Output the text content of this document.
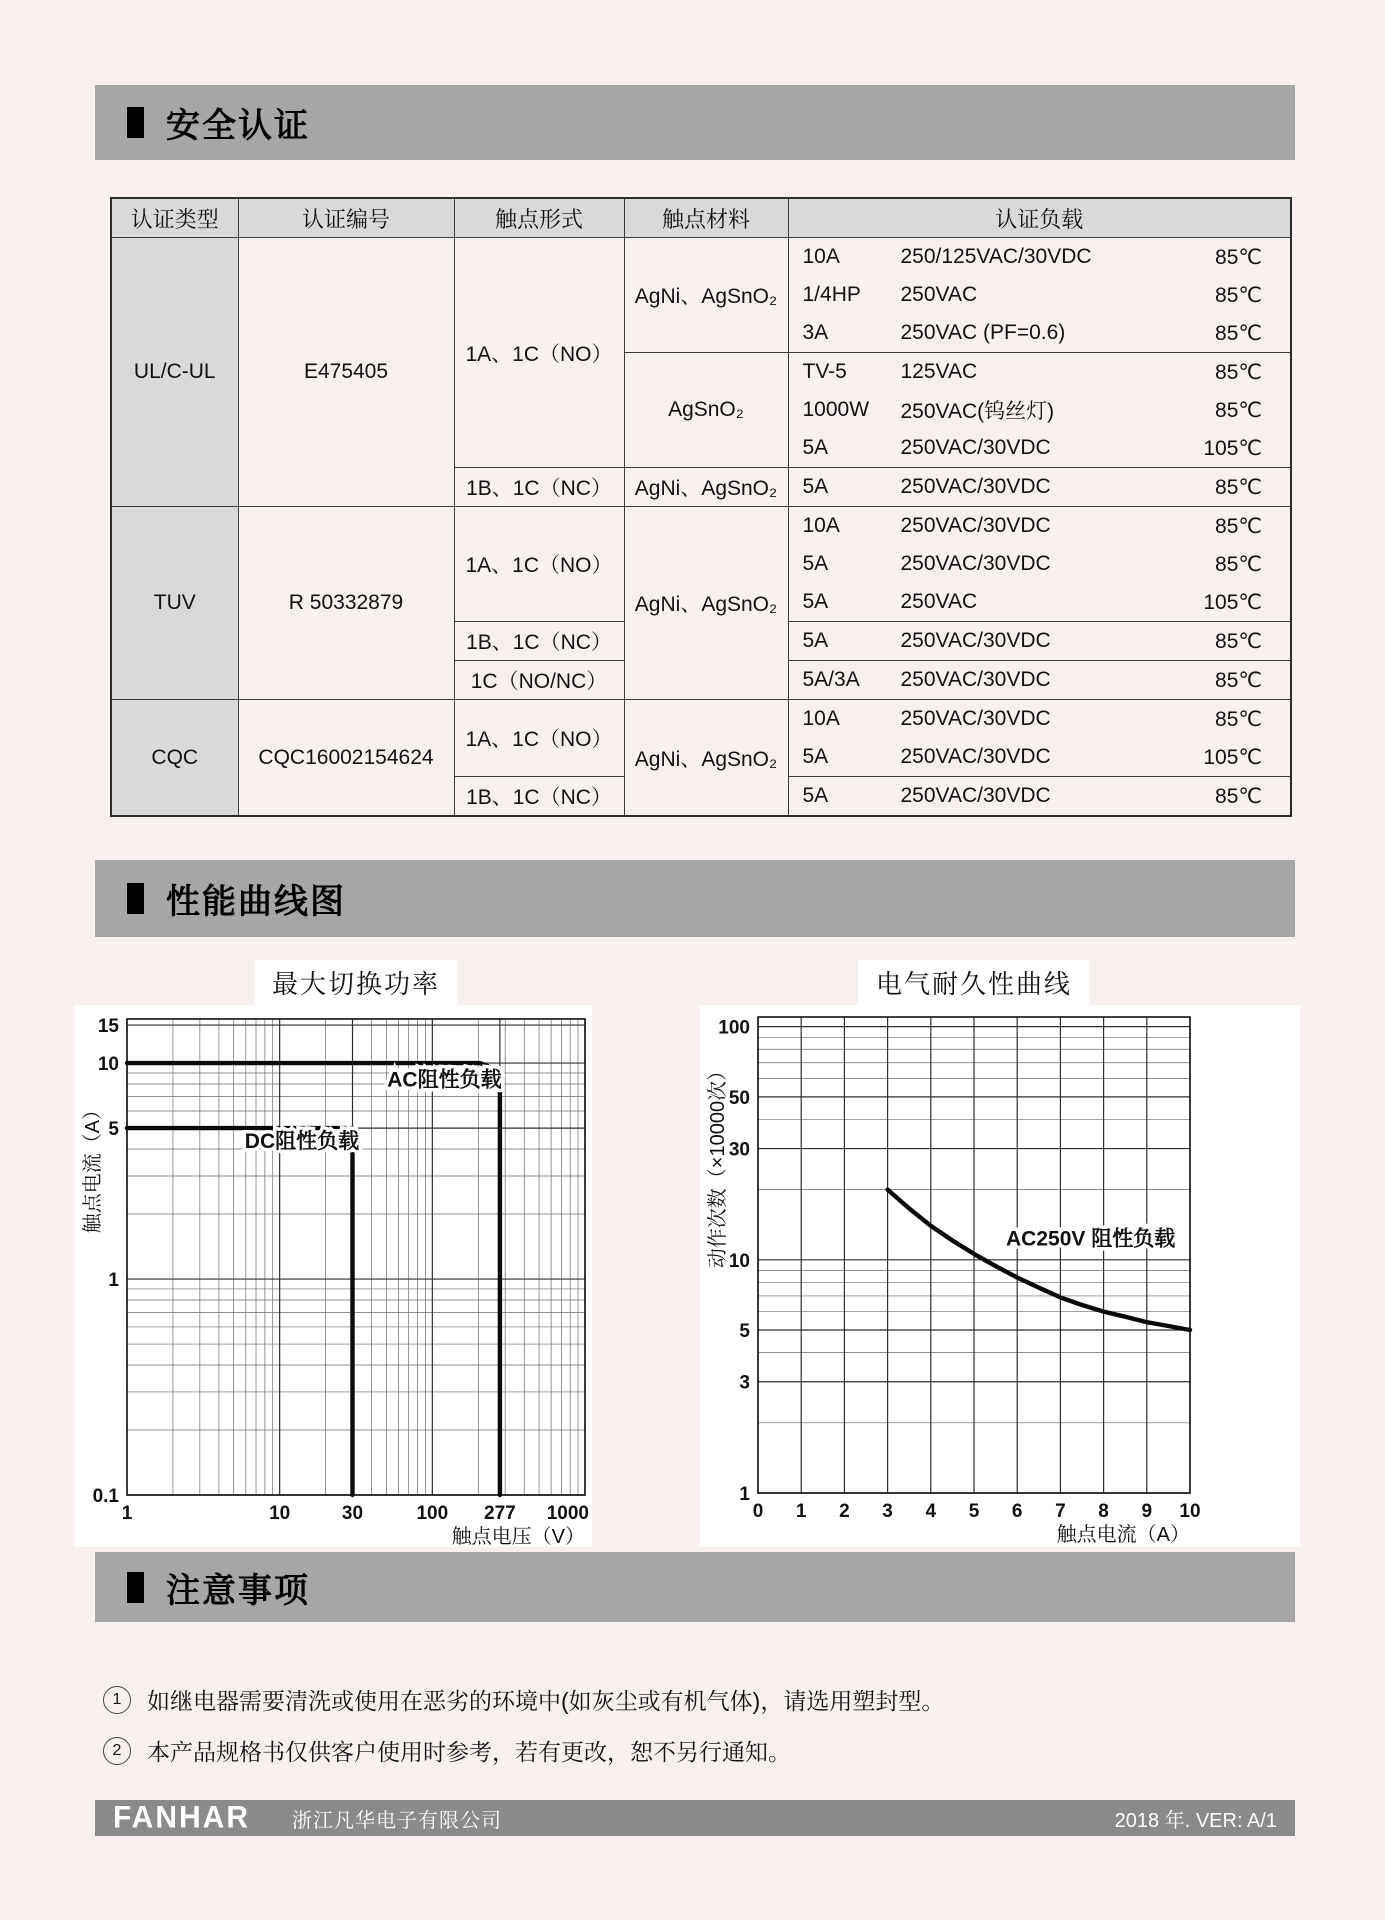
安全认证
认证类型	认证编号	触点形式	触点材料	认证负载
UL/C-UL	E475405	1A、1C（NO）	AgNi、AgSnO₂	10A 250/125VAC/30VDC 85℃

				1/4HP 250VAC 85℃

				3A 250VAC (PF=0.6) 85℃

			AgSnO₂	TV-5 125VAC 85℃

				1000W 250VAC(钨丝灯) 85℃

				5A 250VAC/30VDC 105℃

		1B、1C（NC）	AgNi、AgSnO₂	5A 250VAC/30VDC 85℃

TUV	R 50332879	1A、1C（NO）	AgNi、AgSnO₂	10A 250VAC/30VDC 85℃

				5A 250VAC/30VDC 85℃

				5A 250VAC 105℃

		1B、1C（NC）		5A 250VAC/30VDC 85℃

		1C（NO/NC）		5A/3A 250VAC/30VDC 85℃

CQC	CQC16002154624	1A、1C（NO）	AgNi、AgSnO₂	10A 250VAC/30VDC 85℃

				5A 250VAC/30VDC 105℃

		1B、1C（NC）		5A 250VAC/30VDC 85℃
性能曲线图
最大切换功率	电气耐久性曲线
AC阻性负载
DC阻性负载
1	10	30	100 277 1000
15
10
5
1
0.1
触点电压（V）
触点电流（A）
AC250V 阻性负载
0 1 2 3 4 5 6 7 8 9 10
100
50
30
10
5
3
1
触点电流（A）
动作次数（×10000次）
注意事项
1	如继电器需要清洗或使用在恶劣的环境中(如灰尘或有机气体)，请选用塑封型。
2	本产品规格书仅供客户使用时参考，若有更改，恕不另行通知。
FANHAR 浙江凡华电子有限公司	2018 年. VER: A/1
